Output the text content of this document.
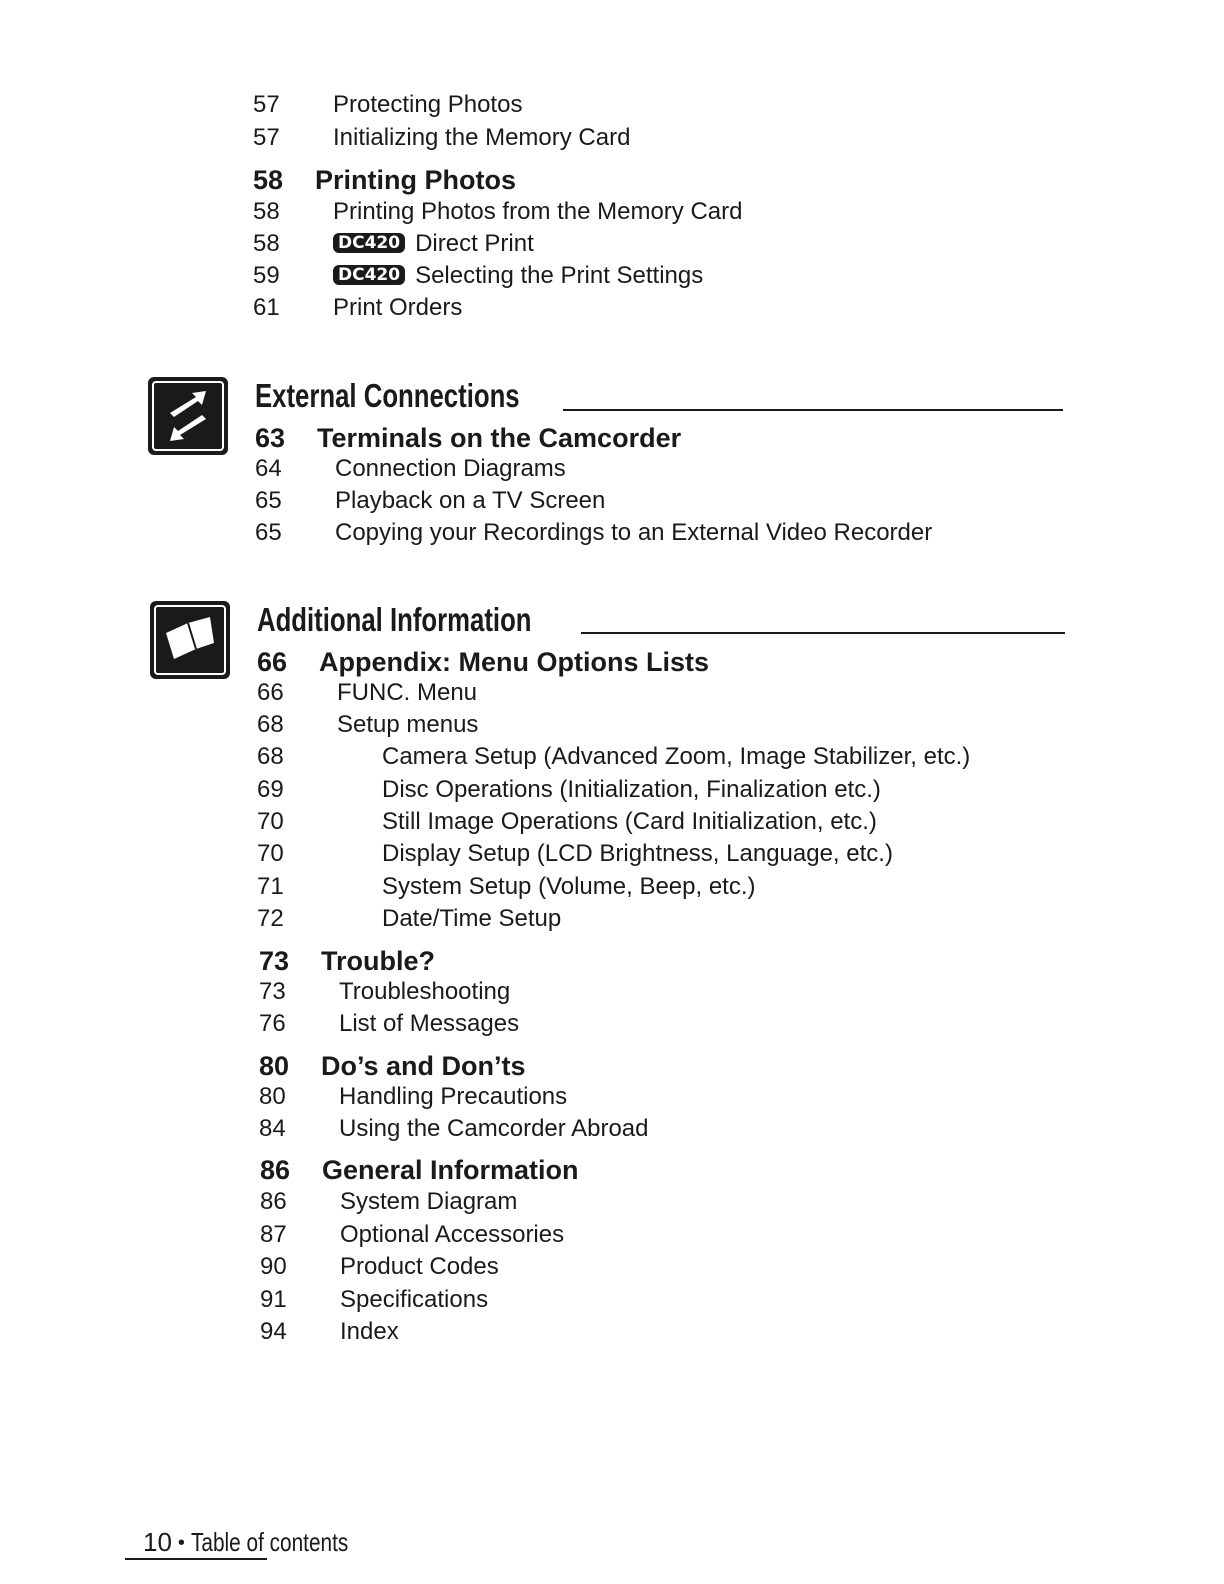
57 Protecting Photos
57 Initializing the Memory Card
58 Printing Photos
58 Printing Photos from the Memory Card
58	DC420 Direct Print
59	DC420 Selecting the Print Settings
61 Print Orders
External Connections
63 Terminals on the Camcorder
64 Connection Diagrams
65 Playback on a TV Screen
65 Copying your Recordings to an External Video Recorder
Additional Information
66 Appendix: Menu Options Lists
66 FUNC. Menu
68 Setup menus
68	Camera Setup (Advanced Zoom, Image Stabilizer, etc.)
69	Disc Operations (Initialization, Finalization etc.)
70	Still Image Operations (Card Initialization, etc.)
70	Display Setup (LCD Brightness, Language, etc.)
71	System Setup (Volume, Beep, etc.)
72	Date/Time Setup
73 Trouble?
73 Troubleshooting
76 List of Messages
80 Do’s and Don’ts
80 Handling Precautions
84 Using the Camcorder Abroad
86 General Information
86 System Diagram
87 Optional Accessories
90 Product Codes
91 Specifications
94 Index
10 • Table of contents
